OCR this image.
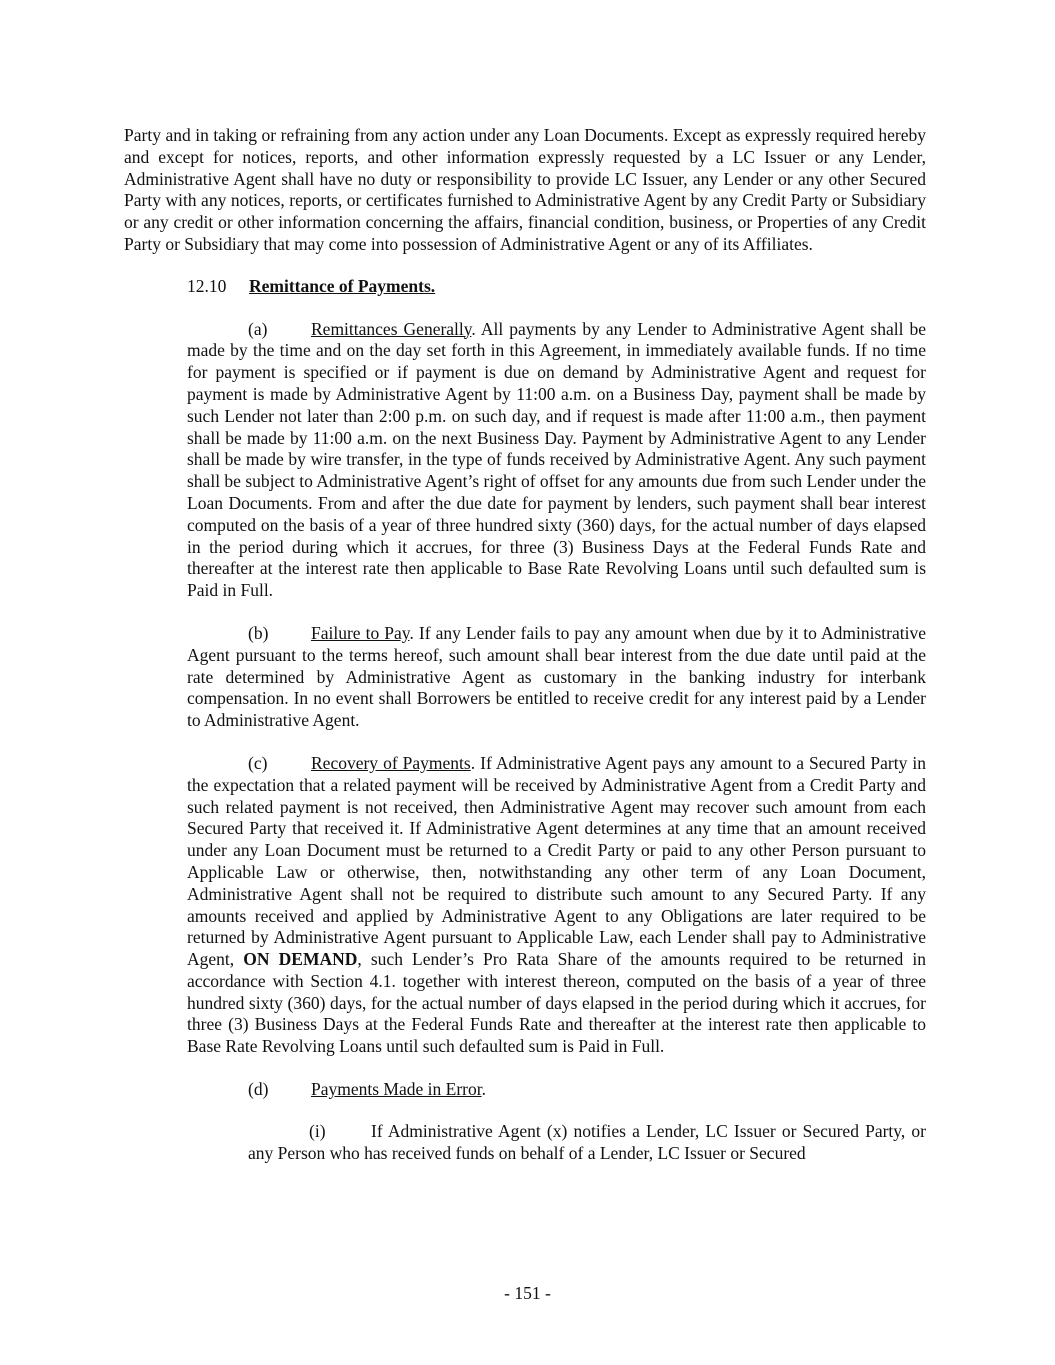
Party and in taking or refraining from any action under any Loan Documents. Except as expressly required hereby and except for notices, reports, and other information expressly requested by a LC Issuer or any Lender, Administrative Agent shall have no duty or responsibility to provide LC Issuer, any Lender or any other Secured Party with any notices, reports, or certificates furnished to Administrative Agent by any Credit Party or Subsidiary or any credit or other information concerning the affairs, financial condition, business, or Properties of any Credit Party or Subsidiary that may come into possession of Administrative Agent or any of its Affiliates.

12.10 Remittance of Payments.

(a) Remittances Generally. All payments by any Lender to Administrative Agent shall be made by the time and on the day set forth in this Agreement, in immediately available funds. If no time for payment is specified or if payment is due on demand by Administrative Agent and request for payment is made by Administrative Agent by 11:00 a.m. on a Business Day, payment shall be made by such Lender not later than 2:00 p.m. on such day, and if request is made after 11:00 a.m., then payment shall be made by 11:00 a.m. on the next Business Day. Payment by Administrative Agent to any Lender shall be made by wire transfer, in the type of funds received by Administrative Agent. Any such payment shall be subject to Administrative Agent’s right of offset for any amounts due from such Lender under the Loan Documents. From and after the due date for payment by lenders, such payment shall bear interest computed on the basis of a year of three hundred sixty (360) days, for the actual number of days elapsed in the period during which it accrues, for three (3) Business Days at the Federal Funds Rate and thereafter at the interest rate then applicable to Base Rate Revolving Loans until such defaulted sum is Paid in Full.

(b) Failure to Pay. If any Lender fails to pay any amount when due by it to Administrative Agent pursuant to the terms hereof, such amount shall bear interest from the due date until paid at the rate determined by Administrative Agent as customary in the banking industry for interbank compensation. In no event shall Borrowers be entitled to receive credit for any interest paid by a Lender to Administrative Agent.

(c) Recovery of Payments. If Administrative Agent pays any amount to a Secured Party in the expectation that a related payment will be received by Administrative Agent from a Credit Party and such related payment is not received, then Administrative Agent may recover such amount from each Secured Party that received it. If Administrative Agent determines at any time that an amount received under any Loan Document must be returned to a Credit Party or paid to any other Person pursuant to Applicable Law or otherwise, then, notwithstanding any other term of any Loan Document, Administrative Agent shall not be required to distribute such amount to any Secured Party. If any amounts received and applied by Administrative Agent to any Obligations are later required to be returned by Administrative Agent pursuant to Applicable Law, each Lender shall pay to Administrative Agent, ON DEMAND, such Lender’s Pro Rata Share of the amounts required to be returned in accordance with Section 4.1. together with interest thereon, computed on the basis of a year of three hundred sixty (360) days, for the actual number of days elapsed in the period during which it accrues, for three (3) Business Days at the Federal Funds Rate and thereafter at the interest rate then applicable to Base Rate Revolving Loans until such defaulted sum is Paid in Full.

(d) Payments Made in Error.

(i)	If Administrative Agent (x) notifies a Lender, LC Issuer or Secured Party, or any Person who has received funds on behalf of a Lender, LC Issuer or Secured

- 151 -
